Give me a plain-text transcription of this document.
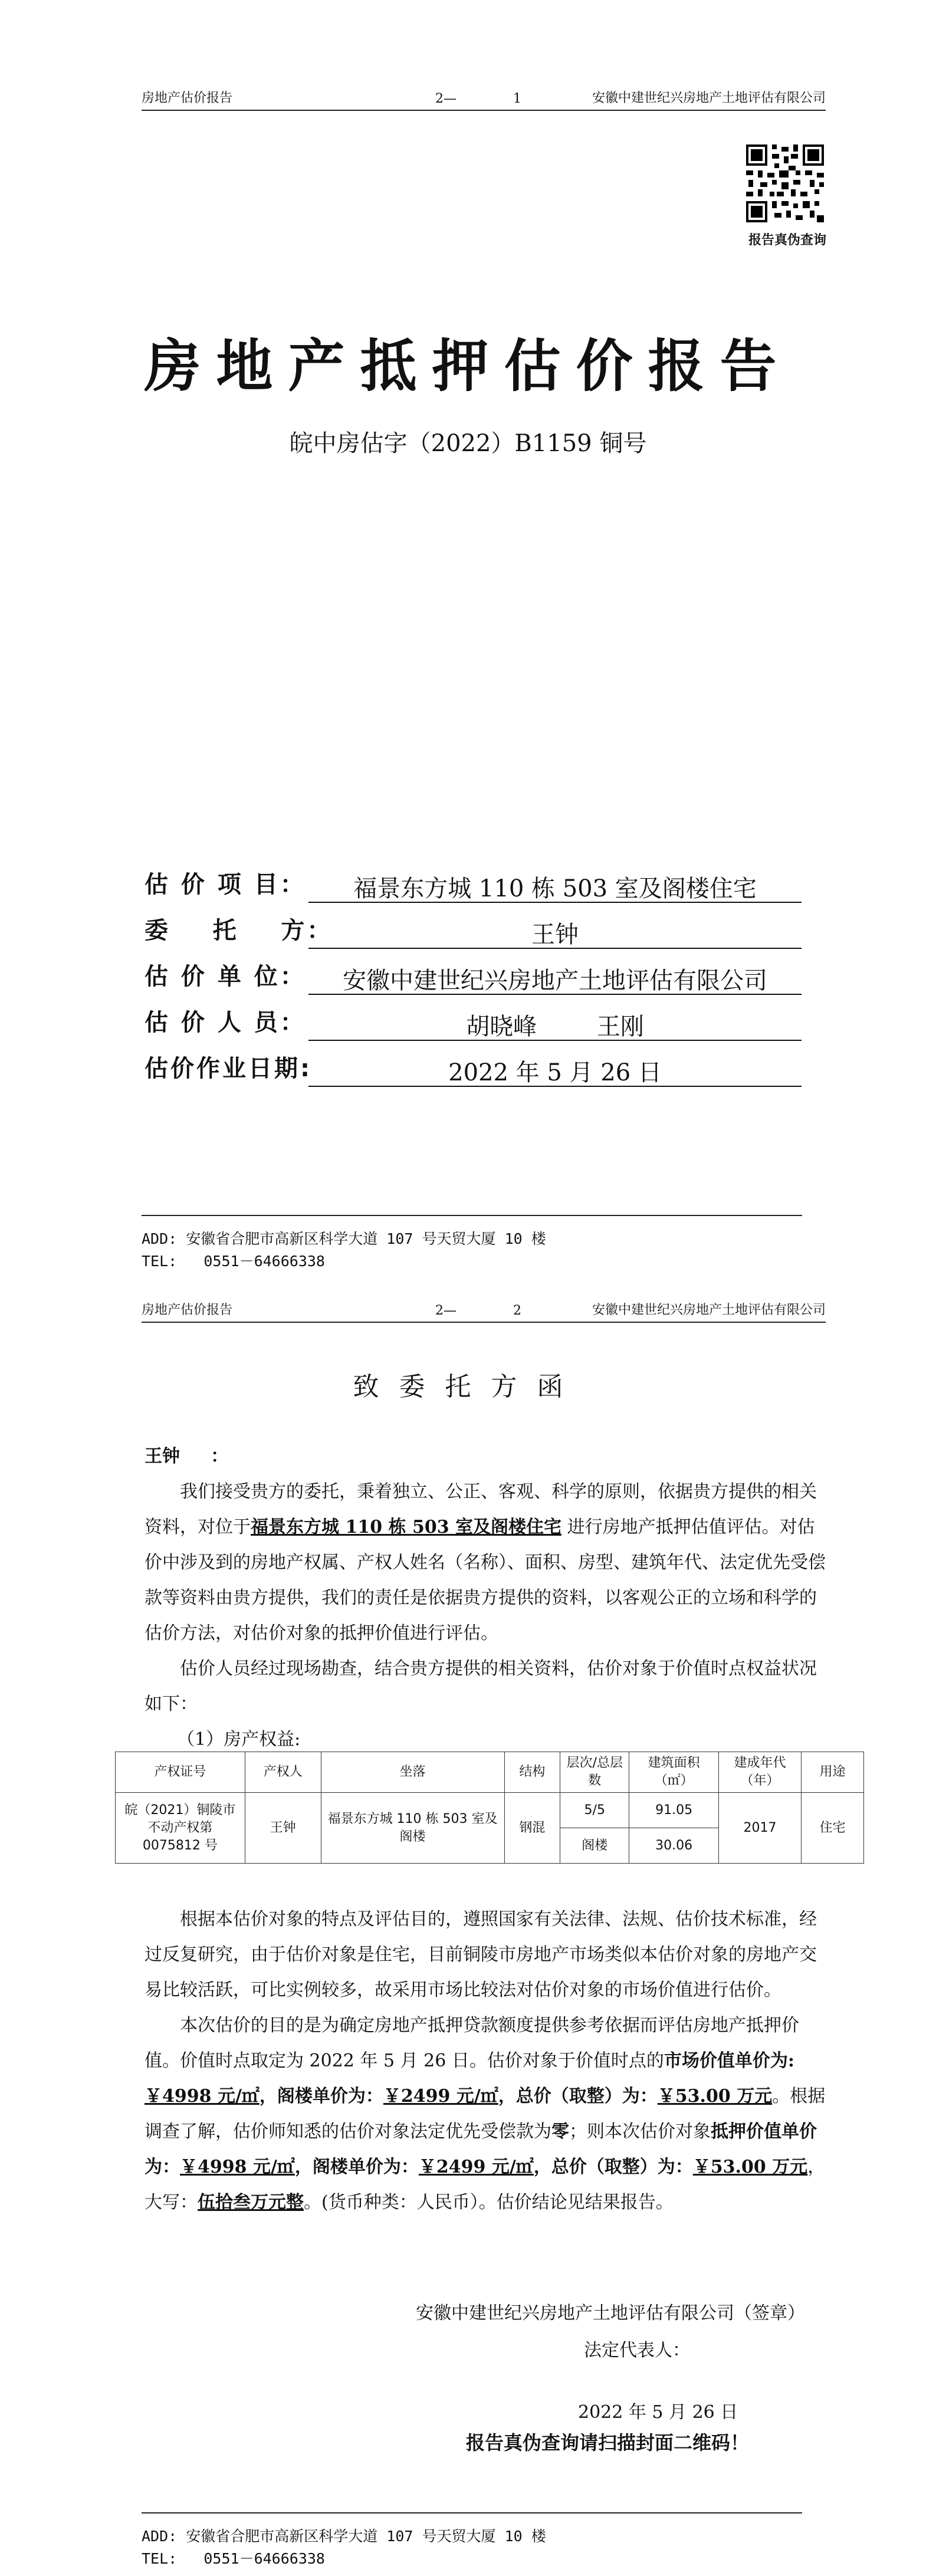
房地产估价报告	2—	1	安徽中建世纪兴房地产土地评估有限公司
报告真伪查询
房地产抵押估价报告
皖中房估字（2022）B1159 铜号
估 价 项 目：	福景东方城 110 栋 503 室及阁楼住宅
委    托    方：	王钟
估 价 单 位：	安徽中建世纪兴房地产土地评估有限公司
估 价 人 员：	胡晓峰        王刚
估价作业日期:	2022 年 5 月 26 日
ADD: 安徽省合肥市高新区科学大道 107 号天贸大厦 10 楼
TEL:   0551－64666338
房地产估价报告	2—	2	安徽中建世纪兴房地产土地评估有限公司
致委托方函

王钟     ：

我们接受贵方的委托，秉着独立、公正、客观、科学的原则，依据贵方提供的相关资料，对位于福景东方城 110 栋 503 室及阁楼住宅 进行房地产抵押估值评估。对估价中涉及到的房地产权属、产权人姓名（名称）、面积、房型、建筑年代、法定优先受偿款等资料由贵方提供，我们的责任是依据贵方提供的资料，以客观公正的立场和科学的估价方法，对估价对象的抵押价值进行评估。

估价人员经过现场勘查，结合贵方提供的相关资料，估价对象于价值时点权益状况如下：

（1）房产权益:

产权证号	产权人	坐落	结构	层次/总层数	建筑面积（㎡）	建成年代（年）	用途
皖（2021）铜陵市不动产权第 0075812 号	王钟	福景东方城 110 栋 503 室及阁楼	钢混	5/5	91.05	2017	住宅
				阁楼	30.06		

根据本估价对象的特点及评估目的，遵照国家有关法律、法规、估价技术标准，经过反复研究，由于估价对象是住宅，目前铜陵市房地产市场类似本估价对象的房地产交易比较活跃，可比实例较多，故采用市场比较法对估价对象的市场价值进行估价。

本次估价的目的是为确定房地产抵押贷款额度提供参考依据而评估房地产抵押价值。价值时点取定为 2022 年 5 月 26 日。估价对象于价值时点的市场价值单价为:￥4998 元/㎡，阁楼单价为：￥2499 元/㎡，总价（取整）为：￥53.00 万元。根据调查了解，估价师知悉的估价对象法定优先受偿款为零；则本次估价对象抵押价值单价为：￥4998 元/㎡，阁楼单价为：￥2499 元/㎡，总价（取整）为：￥53.00 万元，大写：伍拾叁万元整。(货币种类：人民币）。估价结论见结果报告。

安徽中建世纪兴房地产土地评估有限公司（签章）
法定代表人：
2022 年 5 月 26 日
报告真伪查询请扫描封面二维码！
ADD: 安徽省合肥市高新区科学大道 107 号天贸大厦 10 楼
TEL:   0551－64666338
